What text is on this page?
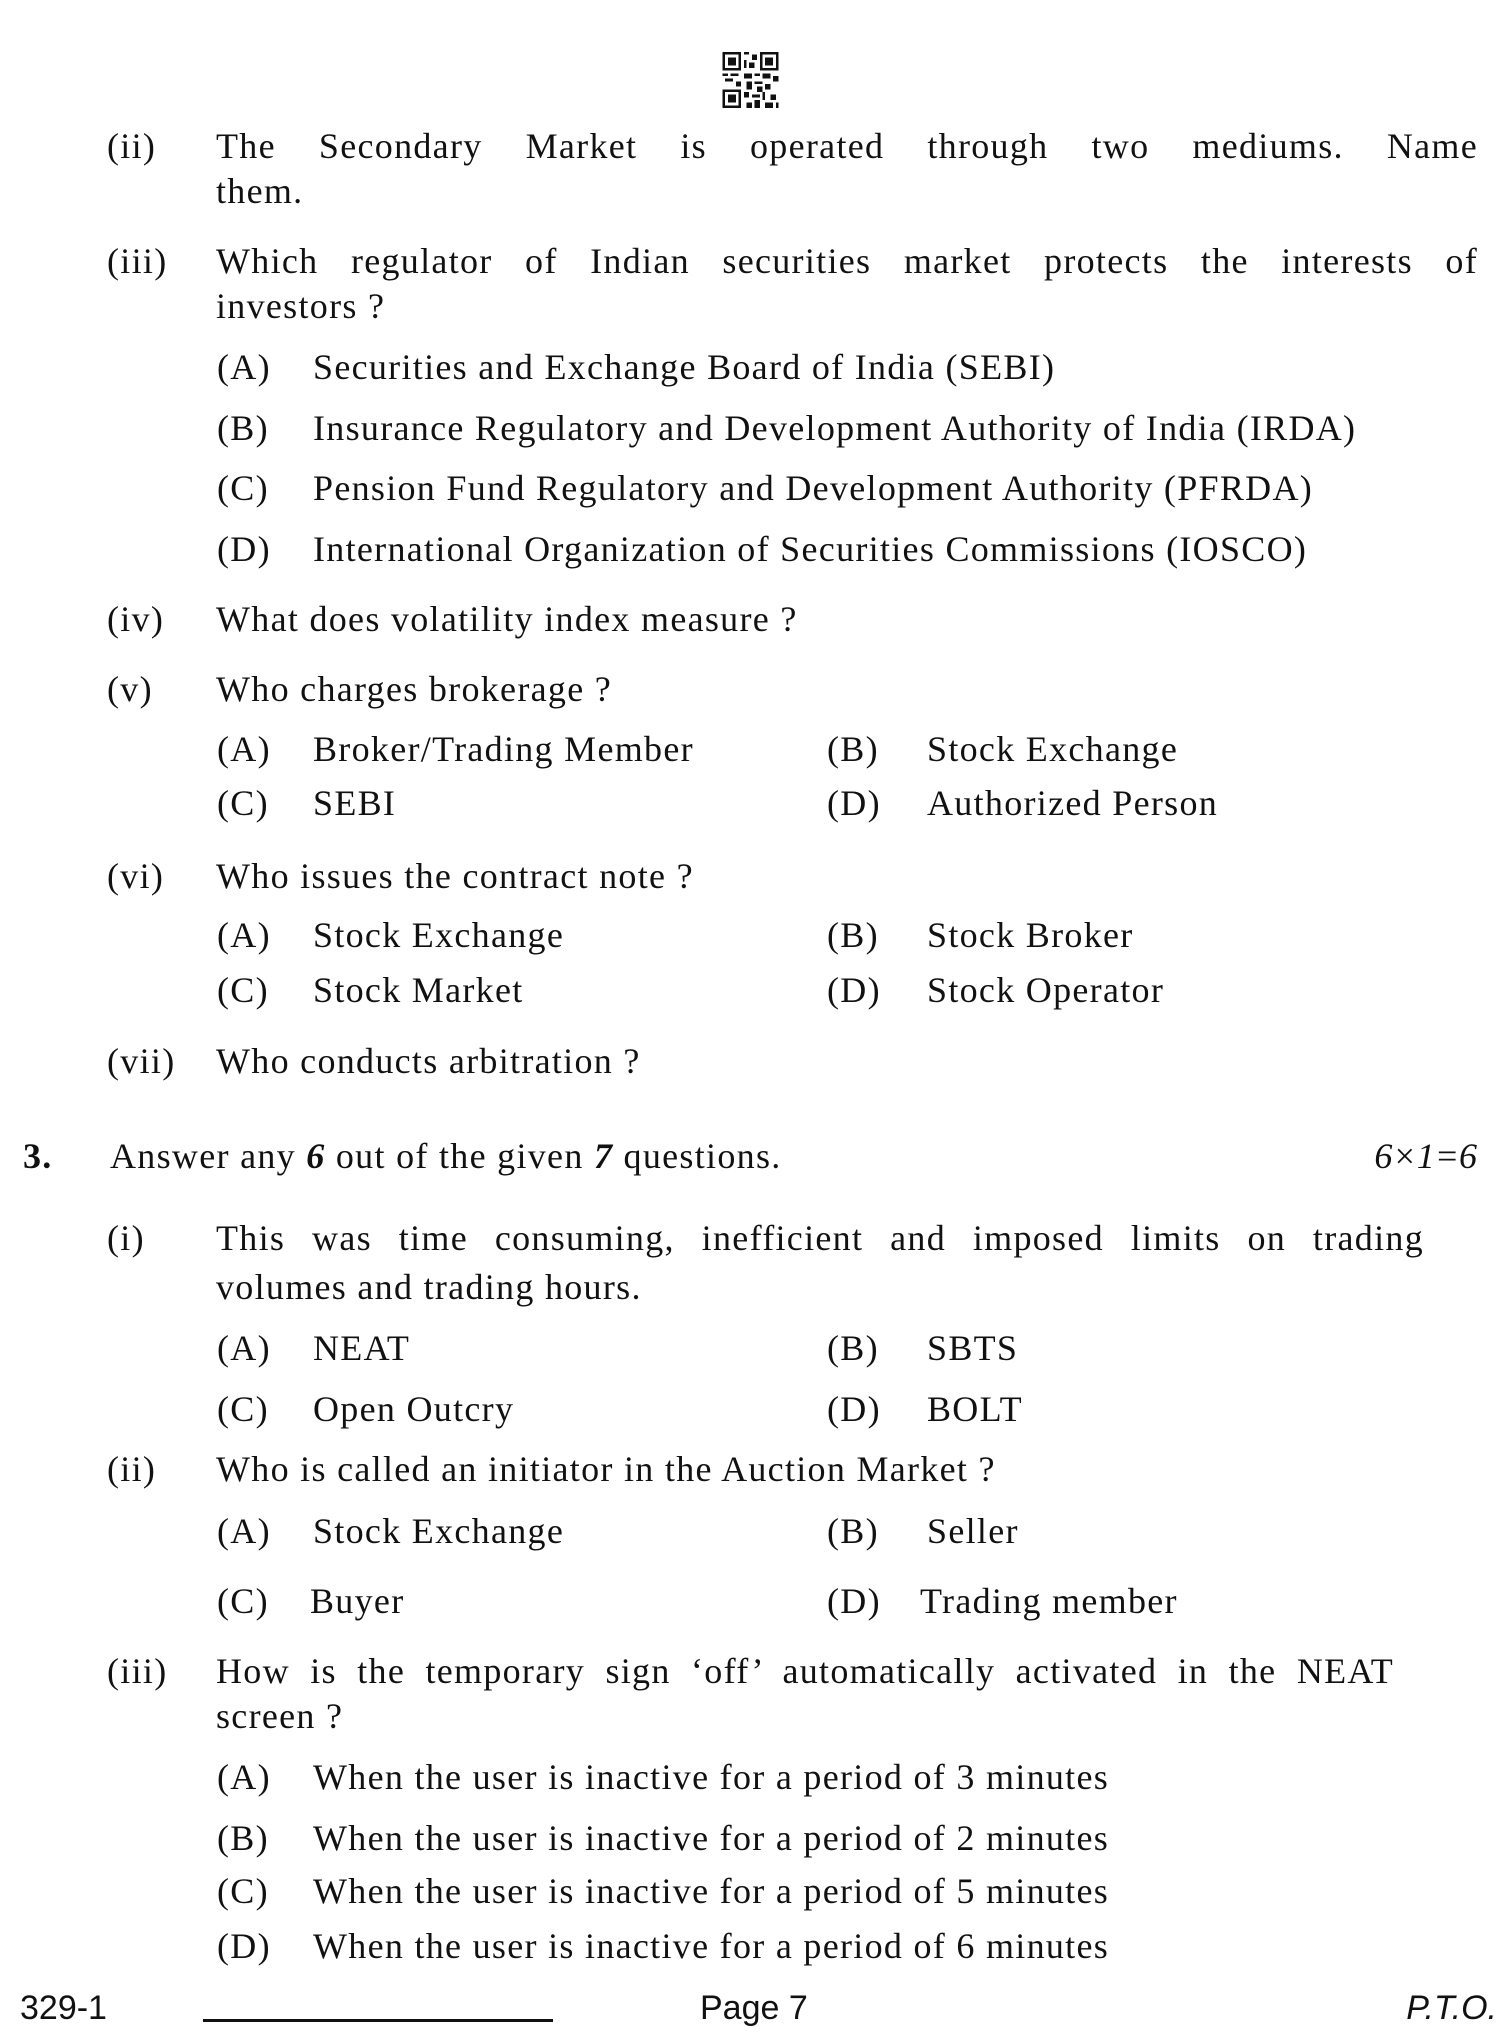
(ii) The Secondary Market is operated through two mediums. Name
them.
(iii) Which regulator of Indian securities market protects the interests of
investors ?
(A) Securities and Exchange Board of India (SEBI)
(B) Insurance Regulatory and Development Authority of India (IRDA)
(C) Pension Fund Regulatory and Development Authority (PFRDA)
(D) International Organization of Securities Commissions (IOSCO)
(iv) What does volatility index measure ?
(v) Who charges brokerage ?
(A) Broker/Trading Member	(B) Stock Exchange
(C) SEBI	(D) Authorized Person
(vi) Who issues the contract note ?
(A) Stock Exchange	(B) Stock Broker
(C) Stock Market	(D) Stock Operator
(vii) Who conducts arbitration ?
3. Answer any 6 out of the given 7 questions.	6×1=6
(i) This was time consuming, inefficient and imposed limits on trading
volumes and trading hours.
(A) NEAT	(B) SBTS
(C) Open Outcry	(D) BOLT
(ii) Who is called an initiator in the Auction Market ?
(A) Stock Exchange	(B) Seller
(C) Buyer	(D) Trading member
(iii) How is the temporary sign ‘off’ automatically activated in the NEAT
screen ?
(A) When the user is inactive for a period of 3 minutes
(B) When the user is inactive for a period of 2 minutes
(C) When the user is inactive for a period of 5 minutes
(D) When the user is inactive for a period of 6 minutes
329-1	Page 7	P.T.O.
